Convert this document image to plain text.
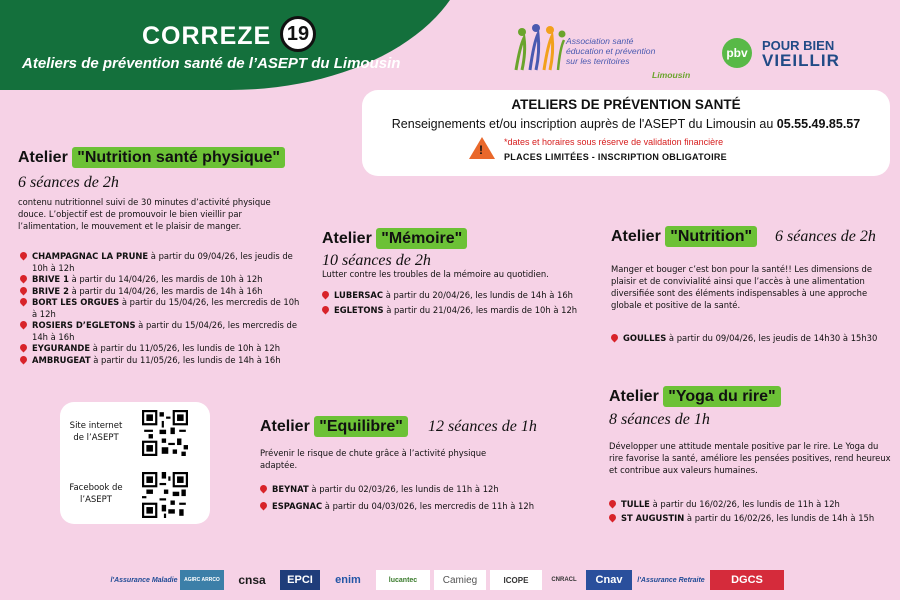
CORREZE 19
Ateliers de prévention santé de l’ASEPT du Limousin
Association santé
éducation et prévention
sur les territoires
Limousin
pbv	POUR BIEN
VIEILLIR
ATELIERS DE PRÉVENTION SANTÉ
Renseignements et/ou inscription auprès de l'ASEPT du Limousin au 05.55.49.85.57
!
*dates et horaires sous réserve de validation financière
PLACES LIMITÉES - INSCRIPTION OBLIGATOIRE
Atelier "Nutrition santé physique"
6 séances de 2h
contenu nutritionnel suivi de 30 minutes d’activité physique douce. L’objectif est de promouvoir le bien vieillir par l’alimentation, le mouvement et le plaisir de manger.
CHAMPAGNAC LA PRUNE à partir du 09/04/26, les jeudis de 10h à 12h
BRIVE 1 à partir du 14/04/26, les mardis de 10h à 12h
BRIVE 2 à partir du 14/04/26, les mardis de 14h à 16h
BORT LES ORGUES à partir du 15/04/26, les mercredis de 10h à 12h
ROSIERS D’EGLETONS à partir du 15/04/26, les mercredis de 14h à 16h
EYGURANDE à partir du 11/05/26, les lundis de 10h à 12h
AMBRUGEAT à partir du 11/05/26, les lundis de 14h à 16h
Atelier "Mémoire"
10 séances de 2h
Lutter contre les troubles de la mémoire au quotidien.
LUBERSAC à partir du 20/04/26, les lundis de 14h à 16h
EGLETONS à partir du 21/04/26, les mardis de 10h à 12h
Atelier "Nutrition"	6 séances de 2h
Manger et bouger c’est bon pour la santé!! Les dimensions de plaisir et de convivialité ainsi que l’accès à une alimentation diversifiée sont des éléments indispensables à une approche globale et positive de la santé.
GOULLES à partir du 09/04/26, les jeudis de 14h30 à 15h30
Atelier "Equilibre"	12 séances de 1h
Prévenir le risque de chute grâce à l’activité physique adaptée.
BEYNAT à partir du 02/03/26, les lundis de 11h à 12h
ESPAGNAC à partir du 04/03/026, les mercredis de 11h à 12h
Atelier "Yoga du rire"
8 séances de 1h
Développer une attitude mentale positive par le rire. Le Yoga du rire favorise la santé, améliore les pensées positives, rend heureux et contribue aux valeurs humaines.
TULLE à partir du 16/02/26, les lundis de 11h à 12h
ST AUGUSTIN à partir du 16/02/26, les lundis de 14h à 15h
Site internet de l’ASEPT
Facebook de l’ASEPT
l'Assurance Maladie	AGIRC ARRCO	cnsa	EPCI	enim	lucantec	Camieg	ICOPE	CNRACL	Cnav	l'Assurance Retraite	DGCS
